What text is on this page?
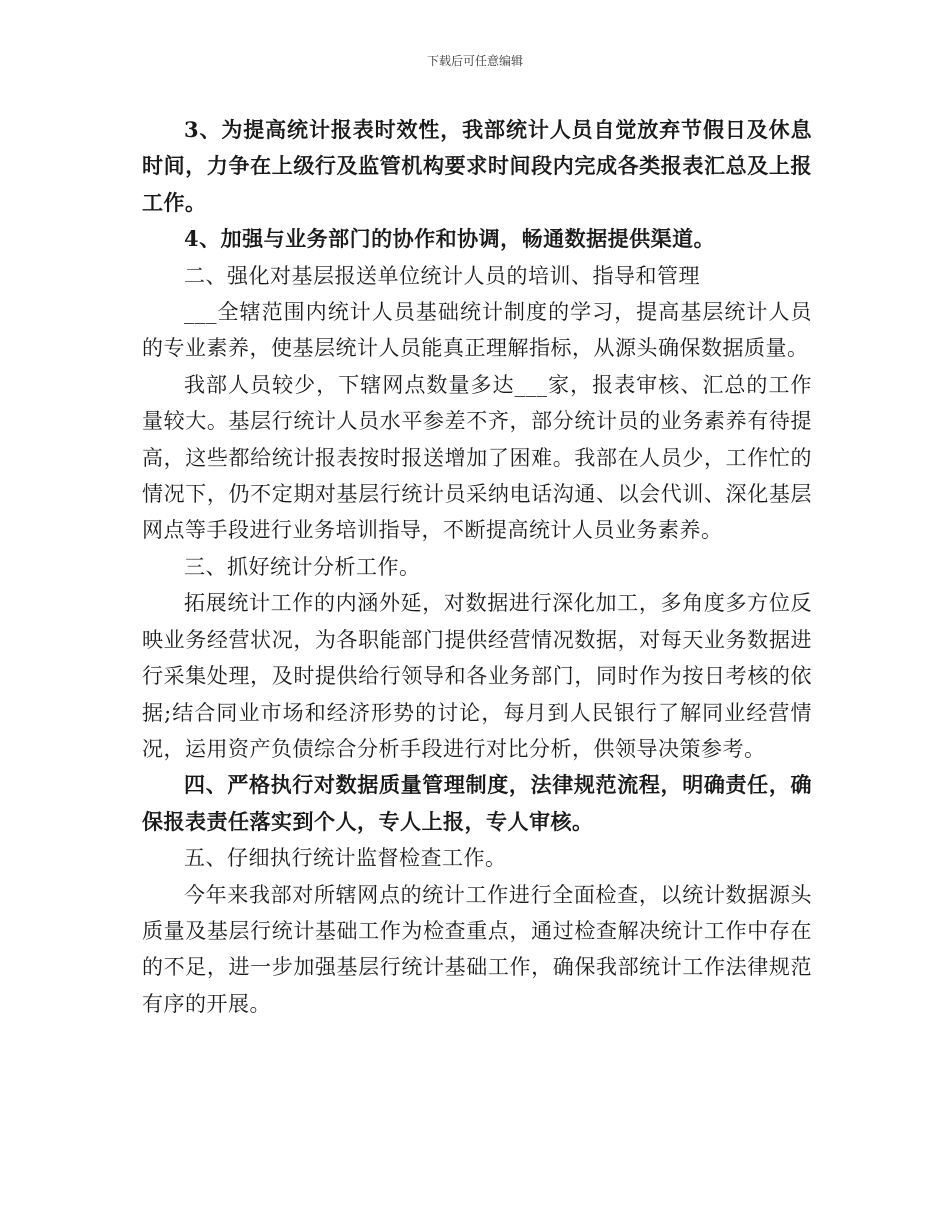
下载后可任意编辑

3、为提高统计报表时效性，我部统计人员自觉放弃节假日及休息时间，力争在上级行及监管机构要求时间段内完成各类报表汇总及上报工作。

4、加强与业务部门的协作和协调，畅通数据提供渠道。

二、强化对基层报送单位统计人员的培训、指导和管理

___全辖范围内统计人员基础统计制度的学习，提高基层统计人员的专业素养，使基层统计人员能真正理解指标，从源头确保数据质量。

我部人员较少，下辖网点数量多达___家，报表审核、汇总的工作量较大。基层行统计人员水平参差不齐，部分统计员的业务素养有待提高，这些都给统计报表按时报送增加了困难。我部在人员少，工作忙的情况下，仍不定期对基层行统计员采纳电话沟通、以会代训、深化基层网点等手段进行业务培训指导，不断提高统计人员业务素养。

三、抓好统计分析工作。

拓展统计工作的内涵外延，对数据进行深化加工，多角度多方位反映业务经营状况，为各职能部门提供经营情况数据，对每天业务数据进行采集处理，及时提供给行领导和各业务部门，同时作为按日考核的依据;结合同业市场和经济形势的讨论，每月到人民银行了解同业经营情况，运用资产负债综合分析手段进行对比分析，供领导决策参考。

四、严格执行对数据质量管理制度，法律规范流程，明确责任，确保报表责任落实到个人，专人上报，专人审核。

五、仔细执行统计监督检查工作。

今年来我部对所辖网点的统计工作进行全面检查，以统计数据源头质量及基层行统计基础工作为检查重点，通过检查解决统计工作中存在的不足，进一步加强基层行统计基础工作，确保我部统计工作法律规范有序的开展。
